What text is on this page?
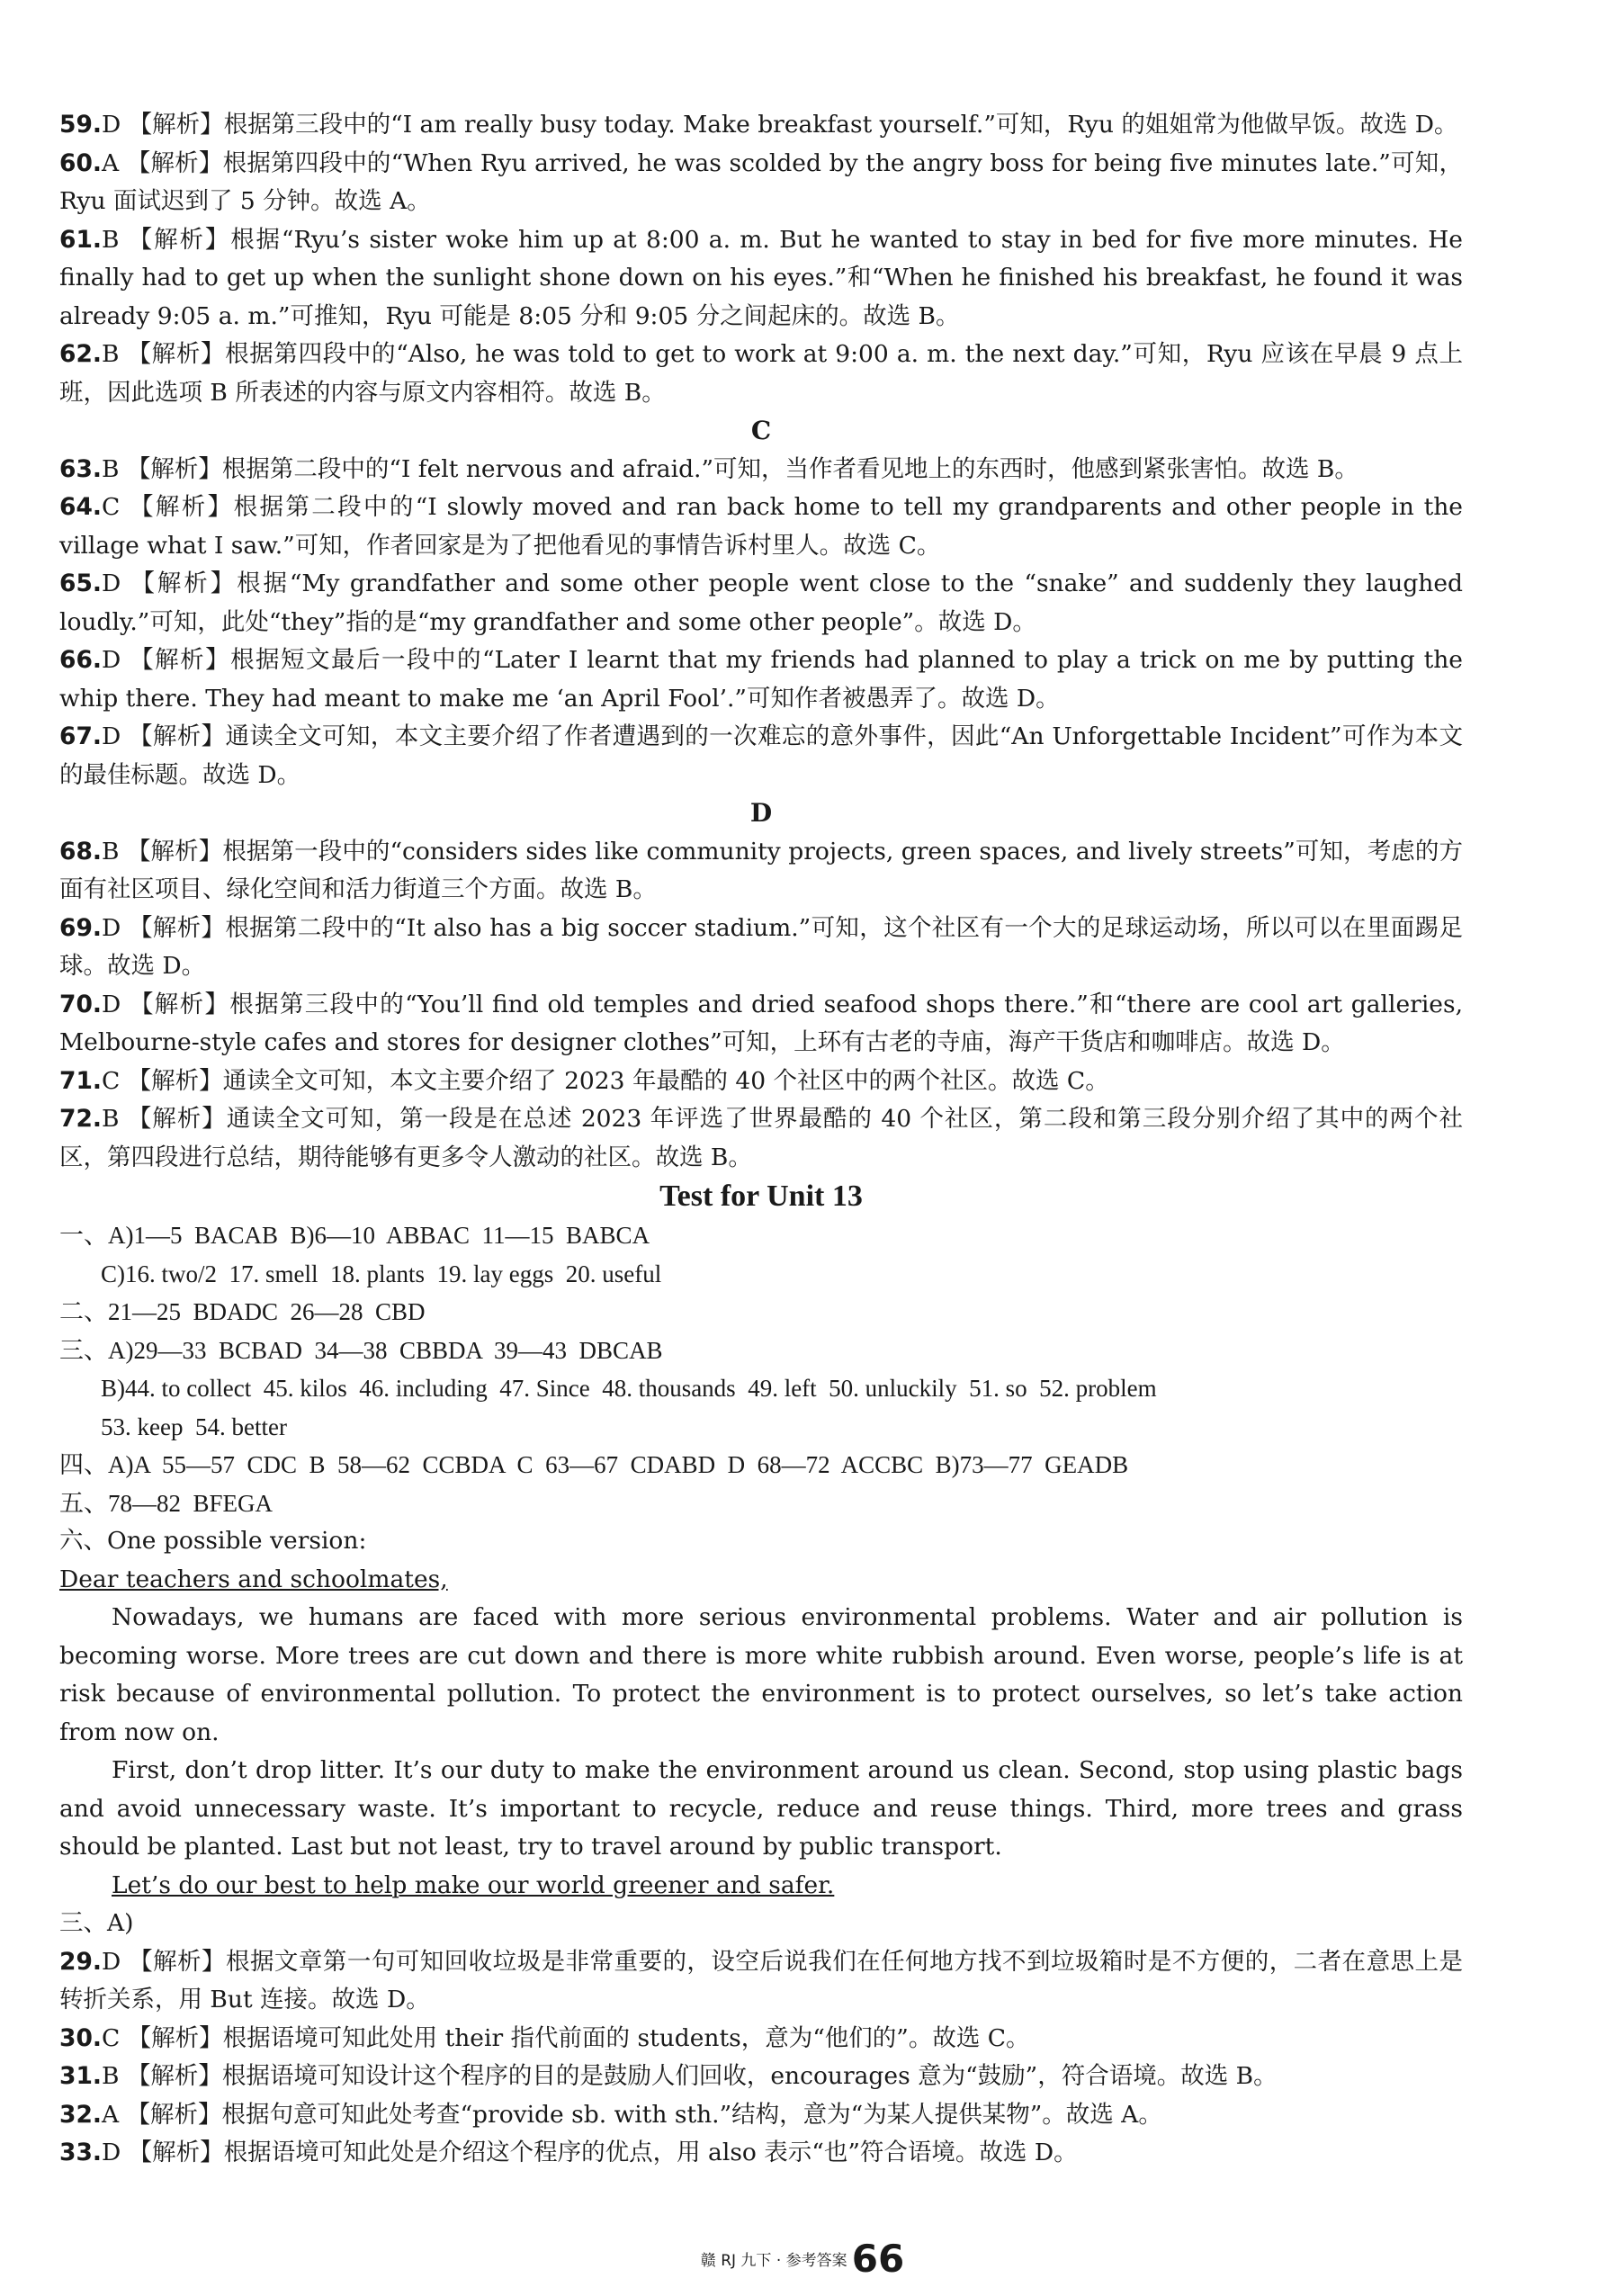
59.D 【解析】根据第三段中的“I am really busy today. Make breakfast yourself.”可知，Ryu 的姐姐常为他做早饭。故选 D。
60.A 【解析】根据第四段中的“When Ryu arrived, he was scolded by the angry boss for being five minutes late.”可知，Ryu 面试迟到了 5 分钟。故选 A。
61.B 【解析】根据“Ryu’s sister woke him up at 8:00 a. m. But he wanted to stay in bed for five more minutes. He finally had to get up when the sunlight shone down on his eyes.”和“When he finished his breakfast, he found it was already 9:05 a. m.”可推知，Ryu 可能是 8:05 分和 9:05 分之间起床的。故选 B。
62.B 【解析】根据第四段中的“Also, he was told to get to work at 9:00 a. m. the next day.”可知，Ryu 应该在早晨 9 点上班，因此选项 B 所表述的内容与原文内容相符。故选 B。
C
63.B 【解析】根据第二段中的“I felt nervous and afraid.”可知，当作者看见地上的东西时，他感到紧张害怕。故选 B。
64.C 【解析】根据第二段中的“I slowly moved and ran back home to tell my grandparents and other people in the village what I saw.”可知，作者回家是为了把他看见的事情告诉村里人。故选 C。
65.D 【解析】根据“My grandfather and some other people went close to the “snake” and suddenly they laughed loudly.”可知，此处“they”指的是“my grandfather and some other people”。故选 D。
66.D 【解析】根据短文最后一段中的“Later I learnt that my friends had planned to play a trick on me by putting the whip there. They had meant to make me ‘an April Fool’.”可知作者被愚弄了。故选 D。
67.D 【解析】通读全文可知，本文主要介绍了作者遭遇到的一次难忘的意外事件，因此“An Unforgettable Incident”可作为本文的最佳标题。故选 D。
D
68.B 【解析】根据第一段中的“considers sides like community projects, green spaces, and lively streets”可知，考虑的方面有社区项目、绿化空间和活力街道三个方面。故选 B。
69.D 【解析】根据第二段中的“It also has a big soccer stadium.”可知，这个社区有一个大的足球运动场，所以可以在里面踢足球。故选 D。
70.D 【解析】根据第三段中的“You’ll find old temples and dried seafood shops there.”和“there are cool art galleries, Melbourne-style cafes and stores for designer clothes”可知，上环有古老的寺庙，海产干货店和咖啡店。故选 D。
71.C 【解析】通读全文可知，本文主要介绍了 2023 年最酷的 40 个社区中的两个社区。故选 C。
72.B 【解析】通读全文可知，第一段是在总述 2023 年评选了世界最酷的 40 个社区，第二段和第三段分别介绍了其中的两个社区，第四段进行总结，期待能够有更多令人激动的社区。故选 B。
Test for Unit 13
一、A)1—5  BACAB  B)6—10  ABBAC  11—15  BABCA
C)16. two/2  17. smell  18. plants  19. lay eggs  20. useful
二、21—25  BDADC  26—28  CBD
三、A)29—33  BCBAD  34—38  CBBDA  39—43  DBCAB
B)44. to collect  45. kilos  46. including  47. Since  48. thousands  49. left  50. unluckily  51. so  52. problem
53. keep  54. better
四、A)A  55—57  CDC  B  58—62  CCBDA  C  63—67  CDABD  D  68—72  ACCBC  B)73—77  GEADB
五、78—82  BFEGA
六、One possible version:
Dear teachers and schoolmates,
Nowadays, we humans are faced with more serious environmental problems. Water and air pollution is becoming worse. More trees are cut down and there is more white rubbish around. Even worse, people’s life is at risk because of environmental pollution. To protect the environment is to protect ourselves, so let’s take action from now on.
First, don’t drop litter. It’s our duty to make the environment around us clean. Second, stop using plastic bags and avoid unnecessary waste. It’s important to recycle, reduce and reuse things. Third, more trees and grass should be planted. Last but not least, try to travel around by public transport.
Let’s do our best to help make our world greener and safer.
三、A)
29.D 【解析】根据文章第一句可知回收垃圾是非常重要的，设空后说我们在任何地方找不到垃圾箱时是不方便的，二者在意思上是转折关系，用 But 连接。故选 D。
30.C 【解析】根据语境可知此处用 their 指代前面的 students，意为“他们的”。故选 C。
31.B 【解析】根据语境可知设计这个程序的目的是鼓励人们回收，encourages 意为“鼓励”，符合语境。故选 B。
32.A 【解析】根据句意可知此处考查“provide sb. with sth.”结构，意为“为某人提供某物”。故选 A。
33.D 【解析】根据语境可知此处是介绍这个程序的优点，用 also 表示“也”符合语境。故选 D。
赣 RJ 九下 · 参考答案 66
